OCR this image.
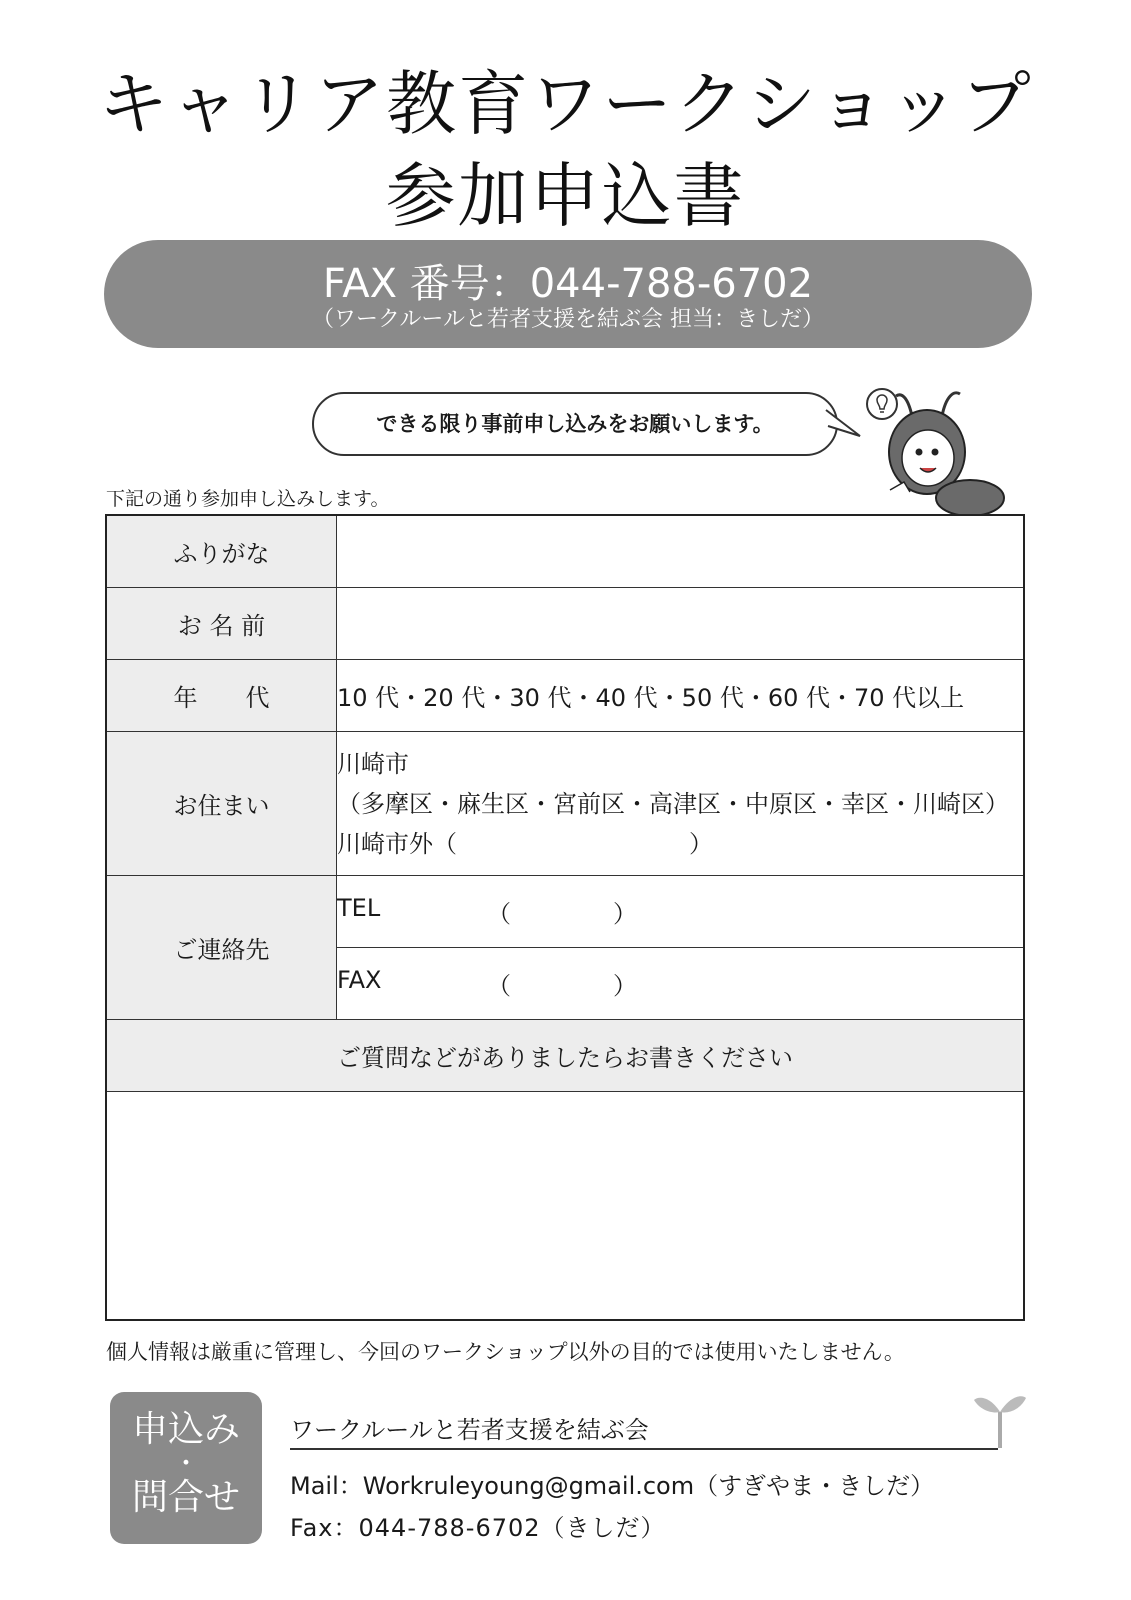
キャリア教育ワークショップ
参加申込書
FAX 番号：044-788-6702
（ワークルールと若者支援を結ぶ会 担当：きしだ）
できる限り事前申し込みをお願いします。
下記の通り参加申し込みします。
ふりがな	
お 名 前	
年　　代	10 代・20 代・30 代・40 代・50 代・60 代・70 代以上
お住まい	川崎市
（多摩区・麻生区・宮前区・高津区・中原区・幸区・川崎区）
川崎市外（ ）

ご連絡先	TEL （ ）

	FAX （ ）

ご質問などがありましたらお書きください	

個人情報は厳重に管理し、今回のワークショップ以外の目的では使用いたしません。
申込み
・
問合せ
ワークルールと若者支援を結ぶ会
Mail：Workruleyoung@gmail.com（すぎやま・きしだ）
Fax：044-788-6702（きしだ）
